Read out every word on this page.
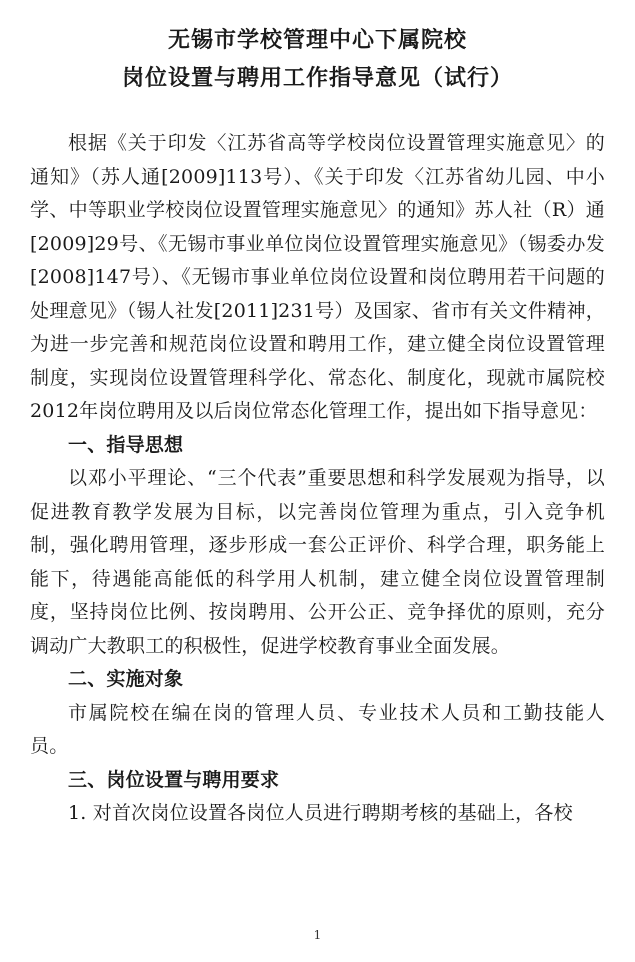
无锡市学校管理中心下属院校
岗位设置与聘用工作指导意见（试行）

根据《关于印发〈江苏省高等学校岗位设置管理实施意见〉的通知》（苏人通[2009]113号）、《关于印发〈江苏省幼儿园、中小学、中等职业学校岗位设置管理实施意见〉的通知》苏人社（R）通[2009]29号、《无锡市事业单位岗位设置管理实施意见》（锡委办发[2008]147号）、《无锡市事业单位岗位设置和岗位聘用若干问题的处理意见》（锡人社发[2011]231号）及国家、省市有关文件精神，为进一步完善和规范岗位设置和聘用工作，建立健全岗位设置管理制度，实现岗位设置管理科学化、常态化、制度化，现就市属院校2012年岗位聘用及以后岗位常态化管理工作，提出如下指导意见：

一、指导思想

以邓小平理论、“三个代表”重要思想和科学发展观为指导，以促进教育教学发展为目标，以完善岗位管理为重点，引入竞争机制，强化聘用管理，逐步形成一套公正评价、科学合理，职务能上能下，待遇能高能低的科学用人机制，建立健全岗位设置管理制度，坚持岗位比例、按岗聘用、公开公正、竞争择优的原则，充分调动广大教职工的积极性，促进学校教育事业全面发展。

二、实施对象

市属院校在编在岗的管理人员、专业技术人员和工勤技能人员。

三、岗位设置与聘用要求

1. 对首次岗位设置各岗位人员进行聘期考核的基础上，各校

1
